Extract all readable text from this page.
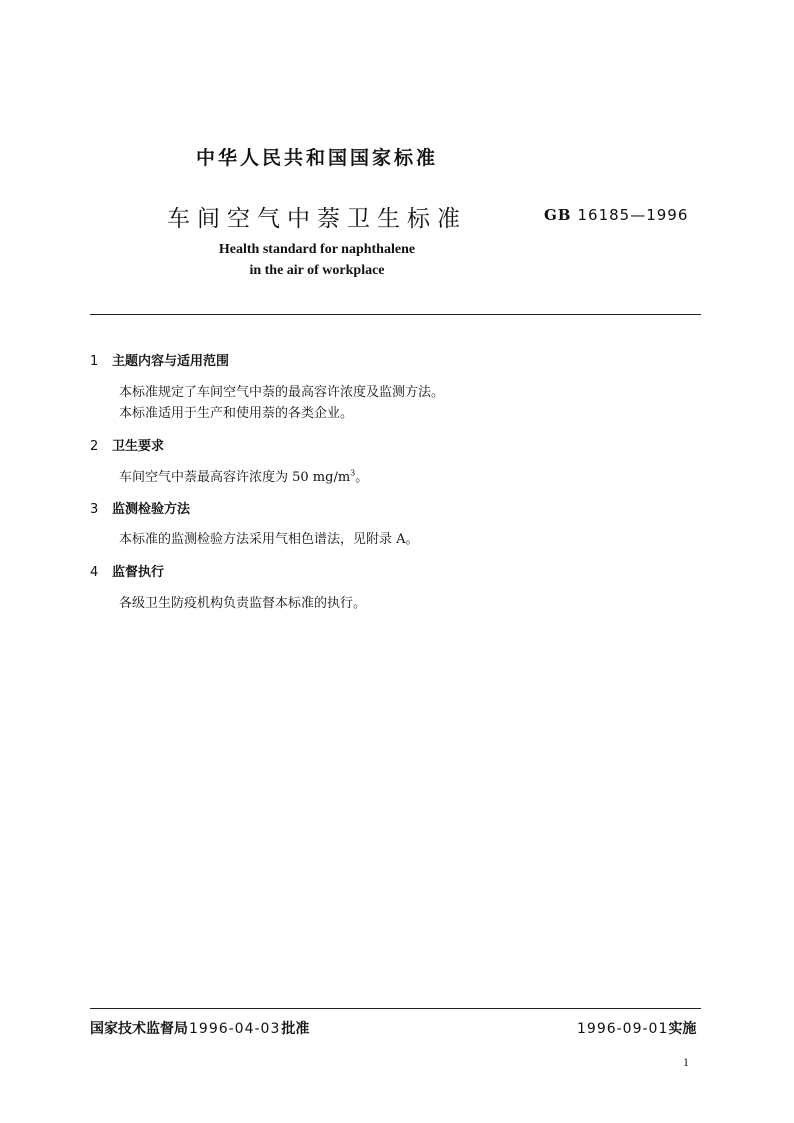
中华人民共和国国家标准
车间空气中萘卫生标准	GB 16185—1996
Health standard for naphthalene
in the air of workplace
1 主题内容与适用范围
本标准规定了车间空气中萘的最高容许浓度及监测方法。
本标准适用于生产和使用萘的各类企业。
2 卫生要求
车间空气中萘最高容许浓度为 50 $mg/m^3$。
3 监测检验方法
本标准的监测检验方法采用气相色谱法，见附录 A。
4 监督执行
各级卫生防疫机构负责监督本标准的执行。
国家技术监督局1996-04-03批准	1996-09-01实施
1
